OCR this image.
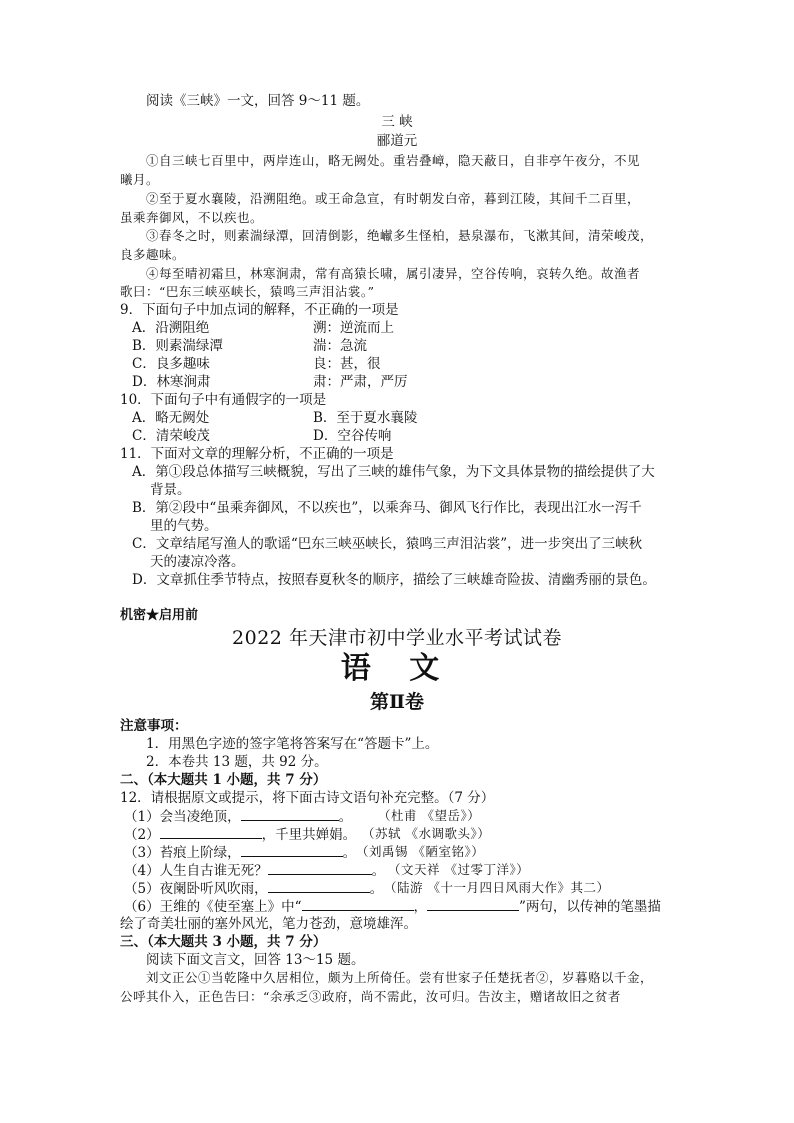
阅读《三峡》一文，回答 9～11 题。
三 峡
郦道元
①自三峡七百里中，两岸连山，略无阙处。重岩叠嶂，隐天蔽日，自非亭午夜分，不见
曦月。
②至于夏水襄陵，沿溯阻绝。或王命急宣，有时朝发白帝，暮到江陵，其间千二百里，
虽乘奔御风，不以疾也。
③春冬之时，则素湍绿潭，回清倒影，绝𪩘多生怪柏，悬泉瀑布，飞漱其间，清荣峻茂，
良多趣味。
④每至晴初霜旦，林寒涧肃，常有高猿长啸，属引凄异，空谷传响，哀转久绝。故渔者
歌曰：“巴东三峡巫峡长，猿鸣三声泪沾裳。”
9．下面句子中加点词的解释，不正确的一项是
A．沿溯阻绝	溯：逆流而上
B．则素湍绿潭	湍：急流
C．良多趣味	良：甚，很
D．林寒涧肃	肃：严肃，严厉
10．下面句子中有通假字的一项是
A．略无阙处	B．至于夏水襄陵
C．清荣峻茂	D．空谷传响
11．下面对文章的理解分析，不正确的一项是
A．第①段总体描写三峡概貌，写出了三峡的雄伟气象，为下文具体景物的描绘提供了大
背景。
B．第②段中“虽乘奔御风，不以疾也”，以乘奔马、御风飞行作比，表现出江水一泻千
里的气势。
C．文章结尾写渔人的歌谣“巴东三峡巫峡长，猿鸣三声泪沾裳”，进一步突出了三峡秋
天的凄凉冷落。
D．文章抓住季节特点，按照春夏秋冬的顺序，描绘了三峡雄奇险拔、清幽秀丽的景色。
机密★启用前
2022 年天津市初中学业水平考试试卷
语 文
第Ⅱ卷
注意事项：
1．用黑色字迹的签字笔将答案写在“答题卡”上。
2．本卷共 13 题，共 92 分。
二、（本大题共 1 小题，共 7 分）
12．请根据原文或提示，将下面古诗文语句补充完整。（7 分）
（1）会当凌绝顶，	。 （杜甫 《望岳》）
（2）	，千里共婵娟。 （苏轼 《水调歌头》）
（3）苔痕上阶绿，	。 （刘禹锡 《陋室铭》）
（4）人生自古谁无死？	。 （文天祥 《过零丁洋》）
（5）夜阑卧听风吹雨，	。 （陆游 《十一月四日风雨大作》其二）
（6）王维的《使至塞上》中“	，	”两句，以传神的笔墨描
绘了奇美壮丽的塞外风光，笔力苍劲，意境雄浑。
三、（本大题共 3 小题，共 7 分）
阅读下面文言文，回答 13～15 题。
刘文正公①当乾隆中久居相位，颇为上所倚任。尝有世家子任楚抚者②，岁暮赂以千金，
公呼其仆入，正色告曰：“余承乏③政府，尚不需此，汝可归。告汝主，赠诸故旧之贫者
